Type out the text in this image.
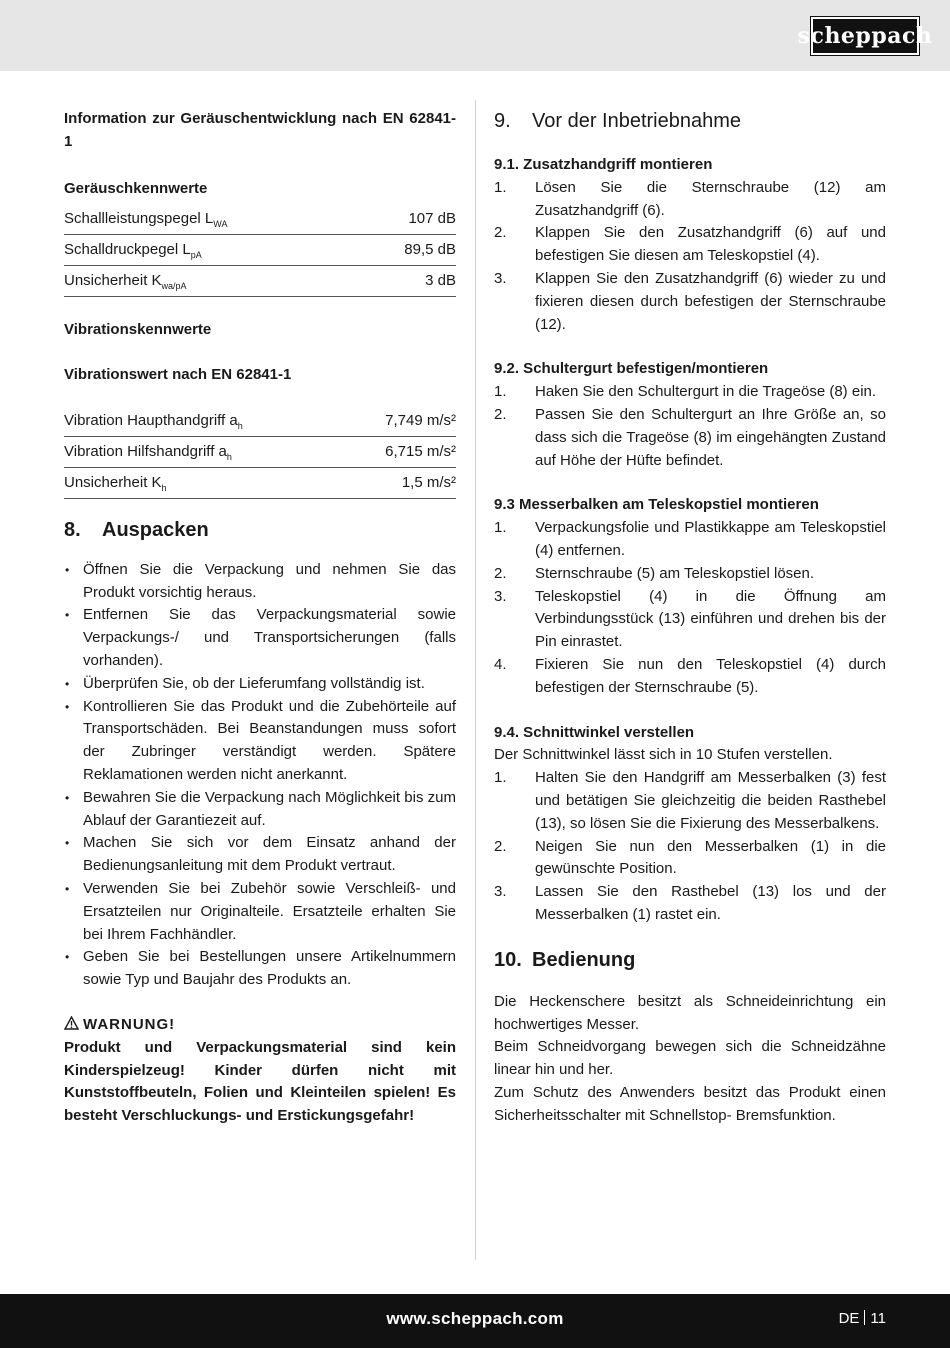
scheppach
Information zur Geräuschentwicklung nach EN 62841-1
Geräuschkennwerte
Schallleistungspegel $L_{WA}$	107 dB
Schalldruckpegel $L_{pA}$	89,5 dB
Unsicherheit $K_{wa/pA}$	3 dB
Vibrationskennwerte
Vibrationswert nach EN 62841-1
Vibration Haupthandgriff $a_h$	7,749 m/s²
Vibration Hilfshandgriff $a_h$	6,715 m/s²
Unsicherheit $K_h$	1,5 m/s²
8. Auspacken
• Öffnen Sie die Verpackung und nehmen Sie das Produkt vorsichtig heraus.
• Entfernen Sie das Verpackungsmaterial sowie Verpackungs-/ und Transportsicherungen (falls vorhanden).
• Überprüfen Sie, ob der Lieferumfang vollständig ist.
• Kontrollieren Sie das Produkt und die Zubehörteile auf Transportschäden. Bei Beanstandungen muss sofort der Zubringer verständigt werden. Spätere Reklamationen werden nicht anerkannt.
• Bewahren Sie die Verpackung nach Möglichkeit bis zum Ablauf der Garantiezeit auf.
• Machen Sie sich vor dem Einsatz anhand der Bedienungsanleitung mit dem Produkt vertraut.
• Verwenden Sie bei Zubehör sowie Verschleiß- und Ersatzteilen nur Originalteile. Ersatzteile erhalten Sie bei Ihrem Fachhändler.
• Geben Sie bei Bestellungen unsere Artikelnummern sowie Typ und Baujahr des Produkts an.
WARNUNG!
Produkt und Verpackungsmaterial sind kein Kinderspielzeug! Kinder dürfen nicht mit Kunststoffbeuteln, Folien und Kleinteilen spielen! Es besteht Verschluckungs- und Erstickungsgefahr!
9. Vor der Inbetriebnahme
9.1. Zusatzhandgriff montieren
1. Lösen Sie die Sternschraube (12) am Zusatzhandgriff (6).
2. Klappen Sie den Zusatzhandgriff (6) auf und befestigen Sie diesen am Teleskopstiel (4).
3. Klappen Sie den Zusatzhandgriff (6) wieder zu und fixieren diesen durch befestigen der Sternschraube (12).
9.2. Schultergurt befestigen/montieren
1. Haken Sie den Schultergurt in die Trageöse (8) ein.
2. Passen Sie den Schultergurt an Ihre Größe an, so dass sich die Trageöse (8) im eingehängten Zustand auf Höhe der Hüfte befindet.
9.3 Messerbalken am Teleskopstiel montieren
1. Verpackungsfolie und Plastikkappe am Teleskopstiel (4) entfernen.
2. Sternschraube (5) am Teleskopstiel lösen.
3. Teleskopstiel (4) in die Öffnung am Verbindungsstück (13) einführen und drehen bis der Pin einrastet.
4. Fixieren Sie nun den Teleskopstiel (4) durch befestigen der Sternschraube (5).
9.4. Schnittwinkel verstellen
Der Schnittwinkel lässt sich in 10 Stufen verstellen.
1. Halten Sie den Handgriff am Messerbalken (3) fest und betätigen Sie gleichzeitig die beiden Rasthebel (13), so lösen Sie die Fixierung des Messerbalkens.
2. Neigen Sie nun den Messerbalken (1) in die gewünschte Position.
3. Lassen Sie den Rasthebel (13) los und der Messerbalken (1) rastet ein.
10. Bedienung
Die Heckenschere besitzt als Schneideinrichtung ein hochwertiges Messer.
Beim Schneidvorgang bewegen sich die Schneidzähne linear hin und her.
Zum Schutz des Anwenders besitzt das Produkt einen Sicherheitsschalter mit Schnellstop- Bremsfunktion.
www.scheppach.com	DE 11
